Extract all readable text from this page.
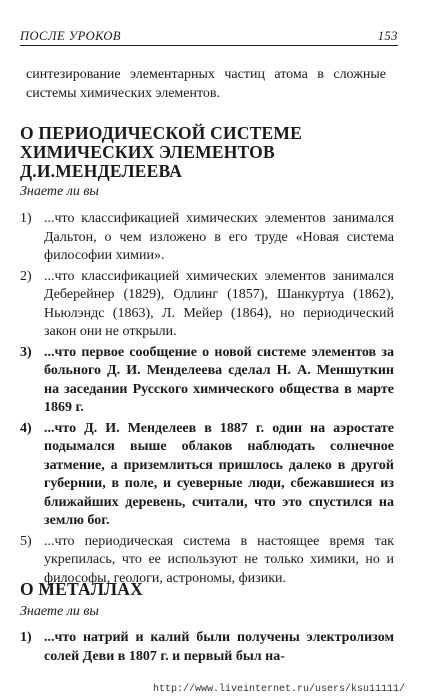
ПОСЛЕ УРОКОВ	153
синтезирование элементарных частиц атома в сложные системы химических элементов.
О ПЕРИОДИЧЕСКОЙ СИСТЕМЕ ХИМИЧЕСКИХ ЭЛЕМЕНТОВ Д.И.МЕНДЕЛЕЕВА
Знаете ли вы
1) ...что классификацией химических элементов занимался Дальтон, о чем изложено в его труде «Новая система философии химии».
2) ...что классификацией химических элементов занимался Деберейнер (1829), Одлинг (1857), Шанкуртуа (1862), Ньюлэндс (1863), Л. Мейер (1864), но периодический закон они не открыли.
3) ...что первое сообщение о новой системе элементов за больного Д. И. Менделеева сделал Н. А. Меншуткин на заседании Русского химического общества в марте 1869 г.
4) ...что Д. И. Менделеев в 1887 г. один на аэростате подымался выше облаков наблюдать солнечное затмение, а приземлиться пришлось далеко в другой губернии, в поле, и суеверные люди, сбежавшиеся из ближайших деревень, считали, что это спустился на землю бог.
5) ...что периодическая система в настоящее время так укрепилась, что ее используют не только химики, но и философы, геологи, астрономы, физики.
О МЕТАЛЛАХ
Знаете ли вы
1) ...что натрий и калий были получены электролизом солей Деви в 1807 г. и первый был на-
http://www.liveinternet.ru/users/ksu11111/
